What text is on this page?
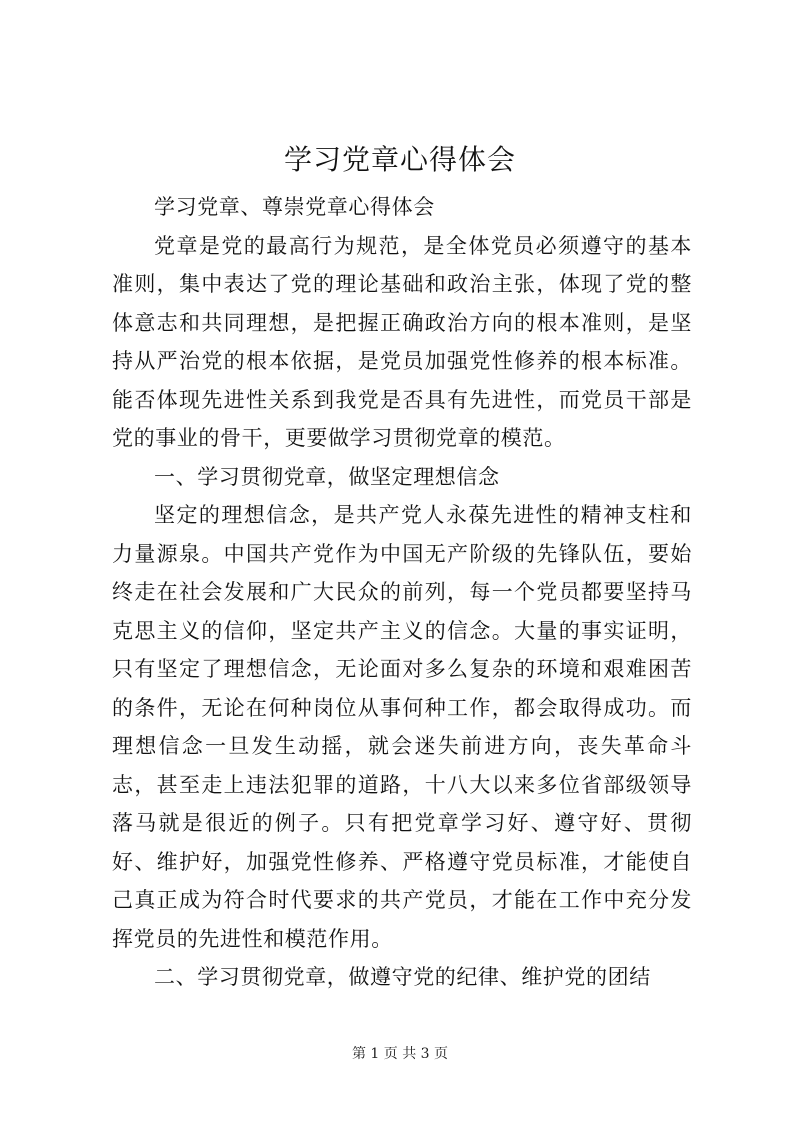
学习党章心得体会

学习党章、尊崇党章心得体会

党章是党的最高行为规范，是全体党员必须遵守的基本准则，集中表达了党的理论基础和政治主张，体现了党的整体意志和共同理想，是把握正确政治方向的根本准则，是坚持从严治党的根本依据，是党员加强党性修养的根本标准。能否体现先进性关系到我党是否具有先进性，而党员干部是党的事业的骨干，更要做学习贯彻党章的模范。

一、学习贯彻党章，做坚定理想信念

坚定的理想信念，是共产党人永葆先进性的精神支柱和力量源泉。中国共产党作为中国无产阶级的先锋队伍，要始终走在社会发展和广大民众的前列，每一个党员都要坚持马克思主义的信仰，坚定共产主义的信念。大量的事实证明，只有坚定了理想信念，无论面对多么复杂的环境和艰难困苦的条件，无论在何种岗位从事何种工作，都会取得成功。而理想信念一旦发生动摇，就会迷失前进方向，丧失革命斗志，甚至走上违法犯罪的道路，十八大以来多位省部级领导落马就是很近的例子。只有把党章学习好、遵守好、贯彻好、维护好，加强党性修养、严格遵守党员标准，才能使自己真正成为符合时代要求的共产党员，才能在工作中充分发挥党员的先进性和模范作用。

二、学习贯彻党章，做遵守党的纪律、维护党的团结

第 1 页 共 3 页
